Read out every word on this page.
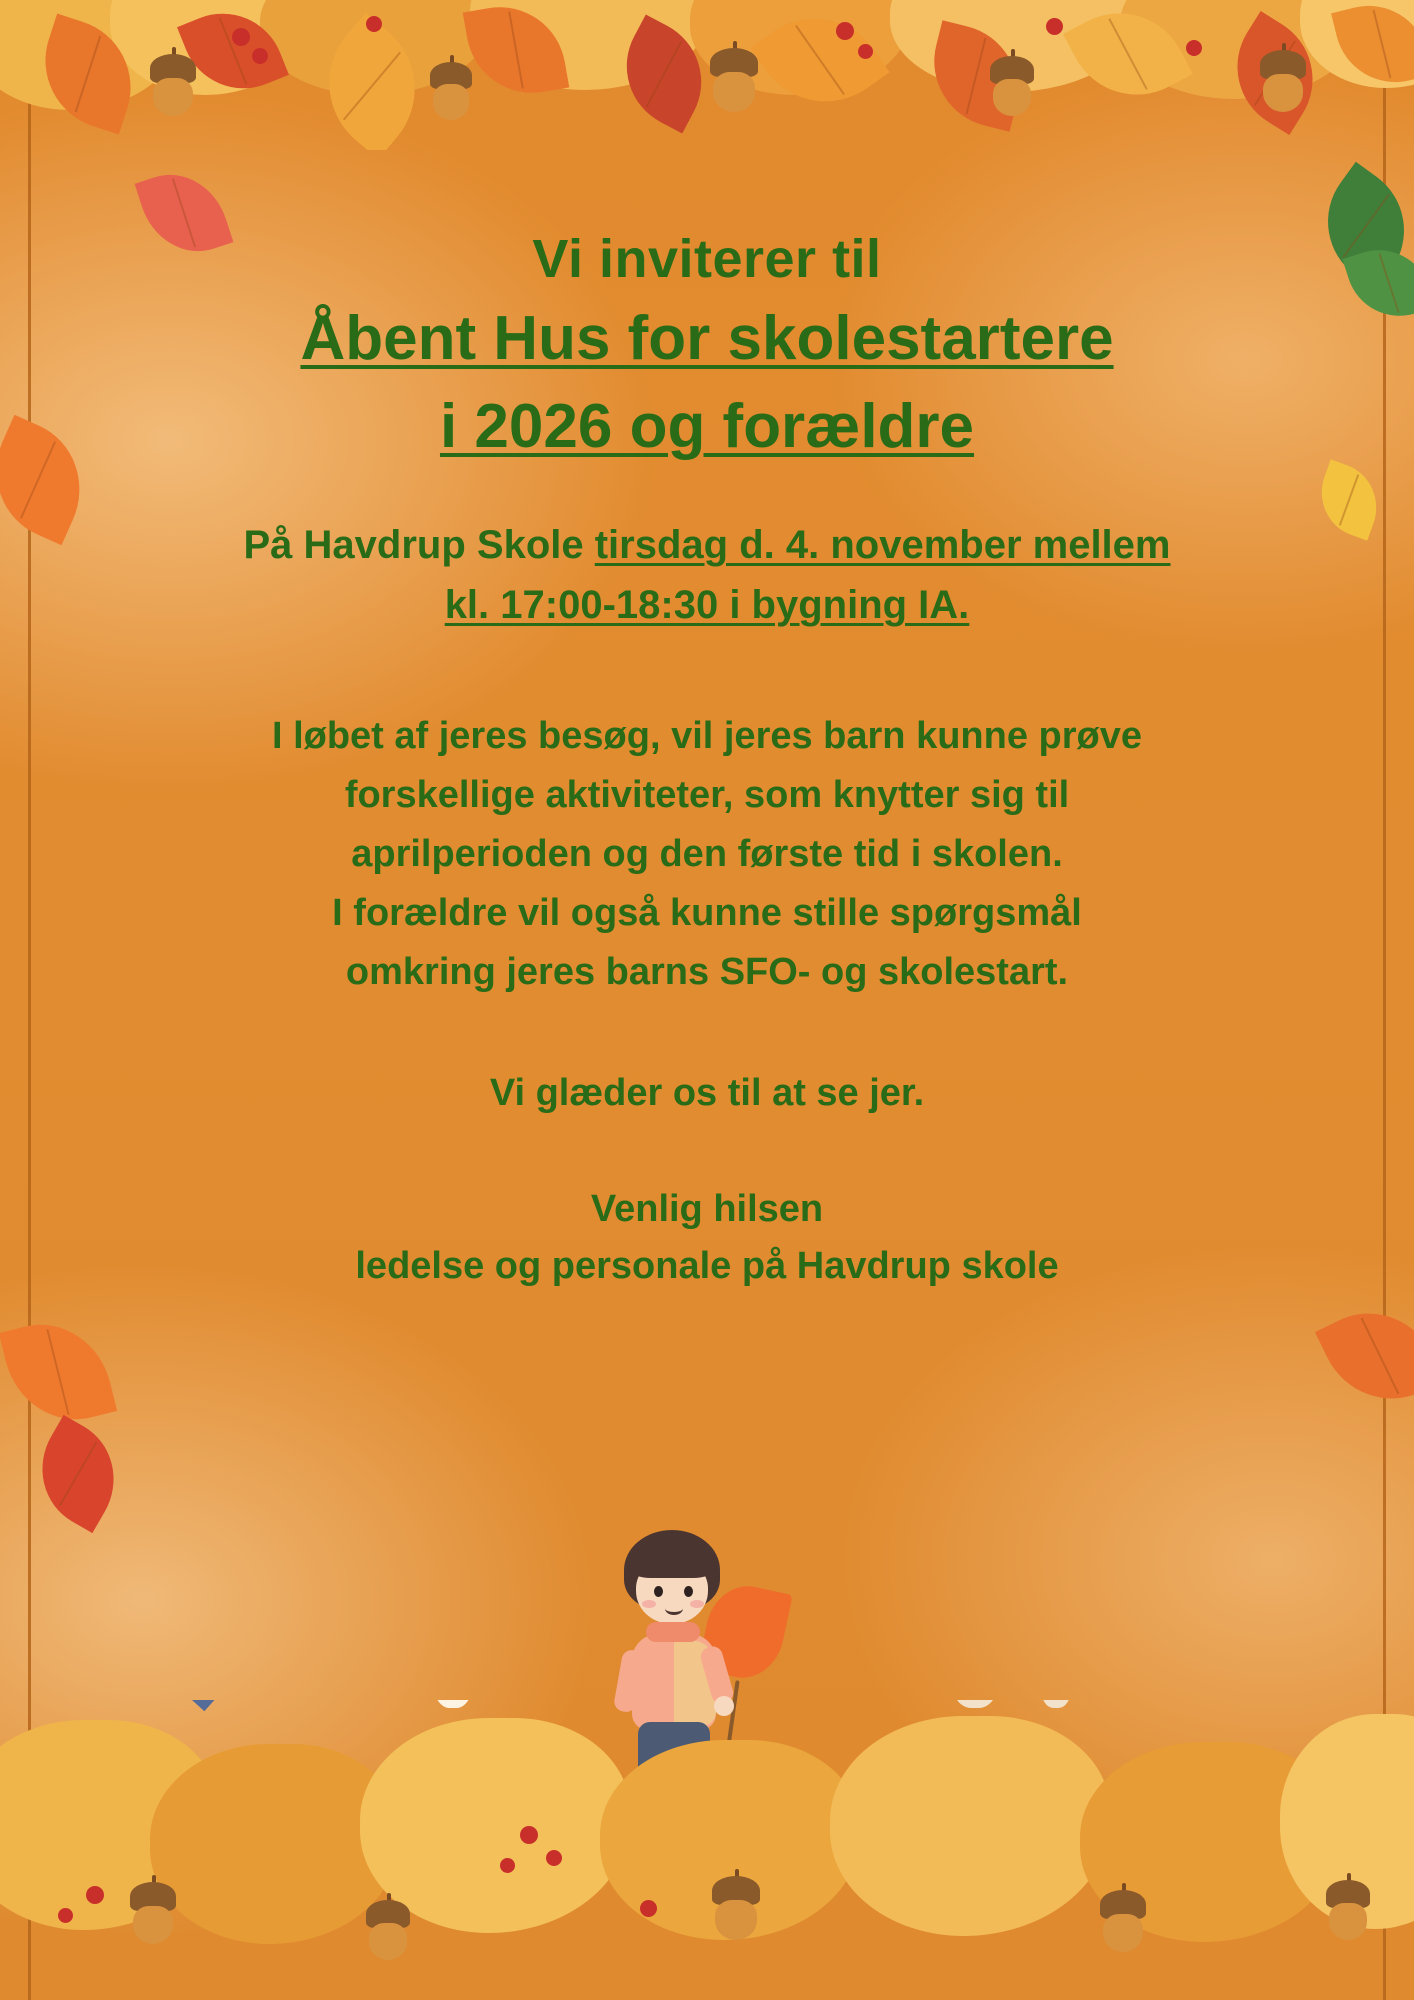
Vi inviterer til
Åbent Hus for skolestartere
i 2026 og forældre
På Havdrup Skole tirsdag d. 4. november mellem
kl. 17:00-18:30 i bygning IA.
I løbet af jeres besøg, vil jeres barn kunne prøve
forskellige aktiviteter, som knytter sig til
aprilperioden og den første tid i skolen.
I forældre vil også kunne stille spørgsmål
omkring jeres barns SFO- og skolestart.
Vi glæder os til at se jer.
Venlig hilsen
ledelse og personale på Havdrup skole
